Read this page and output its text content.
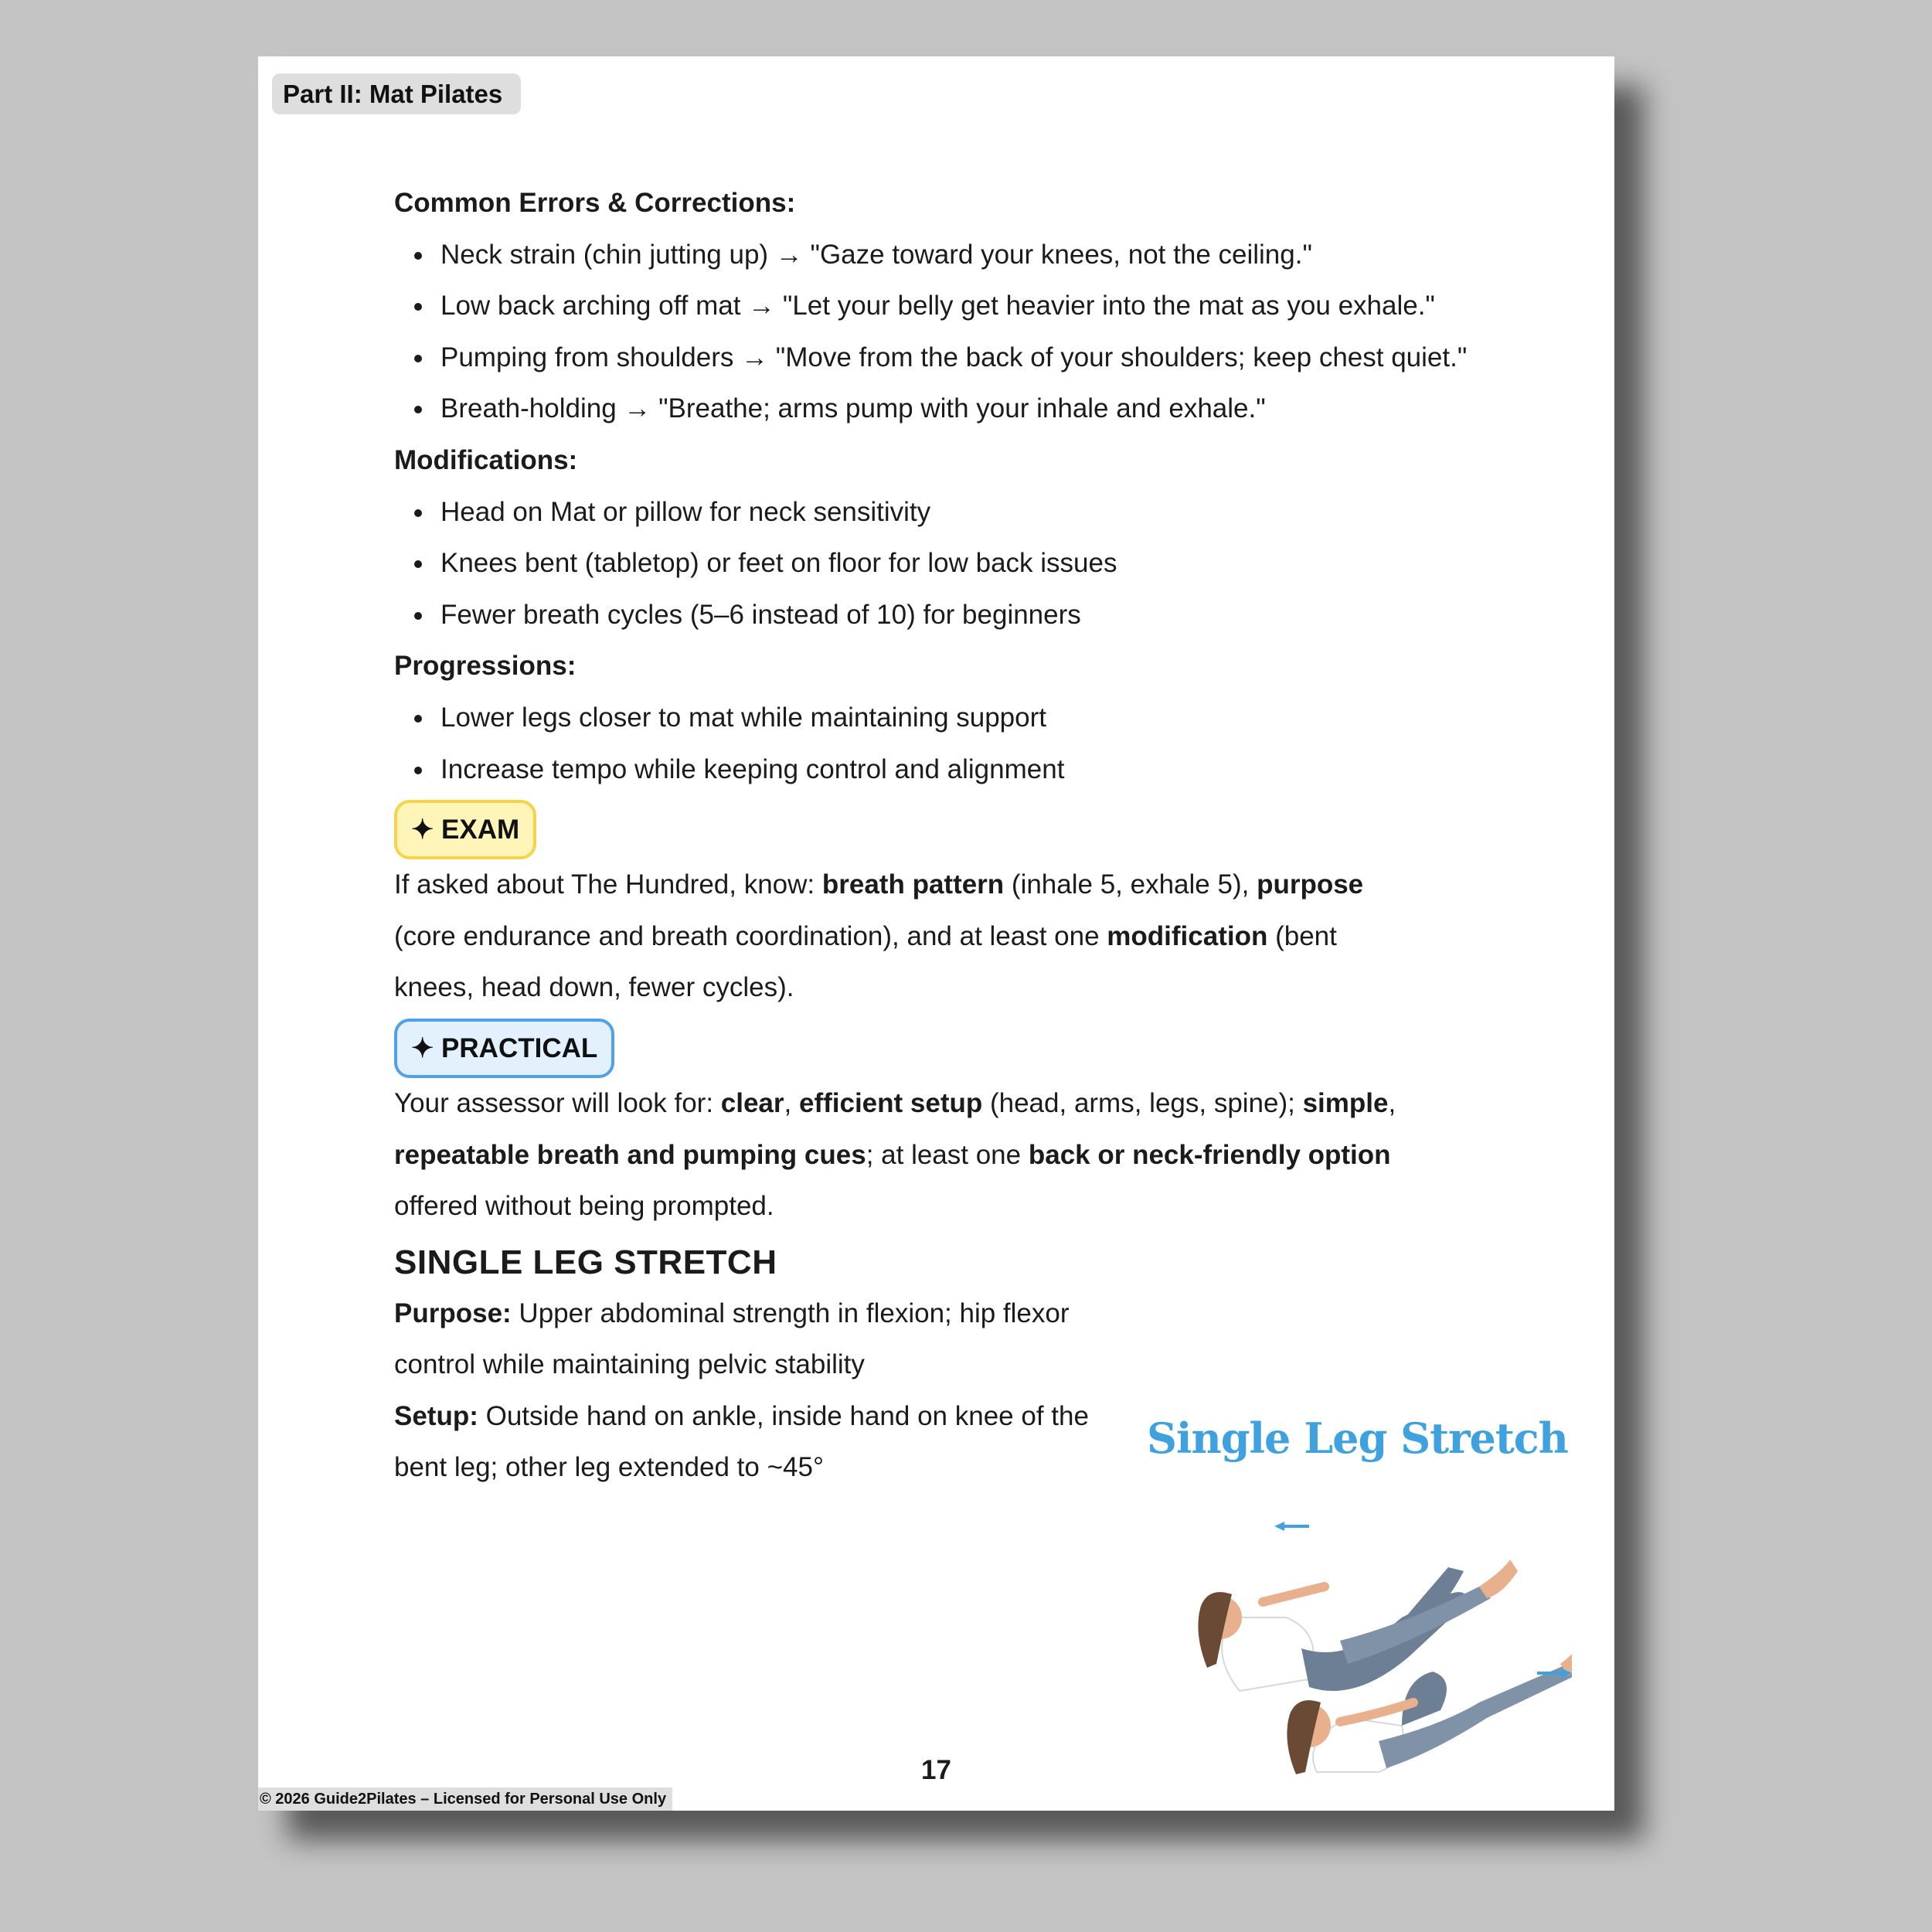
Part II: Mat Pilates
Common Errors & Corrections:
Neck strain (chin jutting up) → "Gaze toward your knees, not the ceiling."
Low back arching off mat → "Let your belly get heavier into the mat as you exhale."
Pumping from shoulders → "Move from the back of your shoulders; keep chest quiet."
Breath-holding → "Breathe; arms pump with your inhale and exhale."
Modifications:
Head on Mat or pillow for neck sensitivity
Knees bent (tabletop) or feet on floor for low back issues
Fewer breath cycles (5–6 instead of 10) for beginners
Progressions:
Lower legs closer to mat while maintaining support
Increase tempo while keeping control and alignment
✦ EXAM

If asked about The Hundred, know: breath pattern (inhale 5, exhale 5), purpose (core endurance and breath coordination), and at least one modification (bent knees, head down, fewer cycles).

✦ PRACTICAL

Your assessor will look for: clear, efficient setup (head, arms, legs, spine); simple, repeatable breath and pumping cues; at least one back or neck-friendly option offered without being prompted.

SINGLE LEG STRETCH

Purpose: Upper abdominal strength in flexion; hip flexor control while maintaining pelvic stability

Setup: Outside hand on ankle, inside hand on knee of the bent leg; other leg extended to ~45°

Single Leg Stretch
17
© 2026 Guide2Pilates – Licensed for Personal Use Only
